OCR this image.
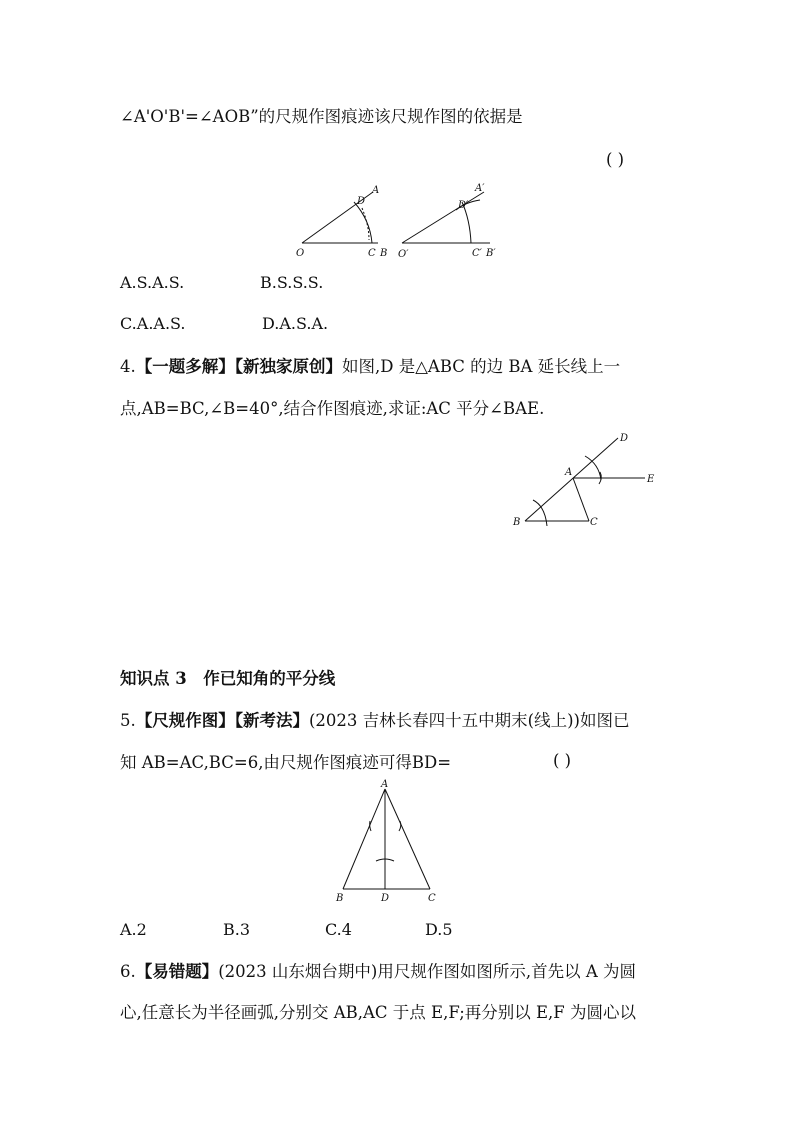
∠A'O'B'=∠AOB”的尺规作图痕迹该尺规作图的依据是
( )
A
D
O	C B
A′
D′
O′	C′ B′
A.S.A.S.	B.S.S.S.
C.A.A.S.	D.A.S.A.
4.【一题多解】【新独家原创】如图,D 是△ABC 的边 BA 延长线上一
点,AB=BC,∠B=40°,结合作图痕迹,求证:AC 平分∠BAE.
D
A
E
B	C
知识点 3　作已知角的平分线
5.【尺规作图】【新考法】(2023 吉林长春四十五中期末(线上))如图已
知 AB=AC,BC=6,由尺规作图痕迹可得BD=	( )
A
B	D	C
A.2	B.3	C.4	D.5
6.【易错题】(2023 山东烟台期中)用尺规作图如图所示,首先以 A 为圆
心,任意长为半径画弧,分别交 AB,AC 于点 E,F;再分别以 E,F 为圆心以
